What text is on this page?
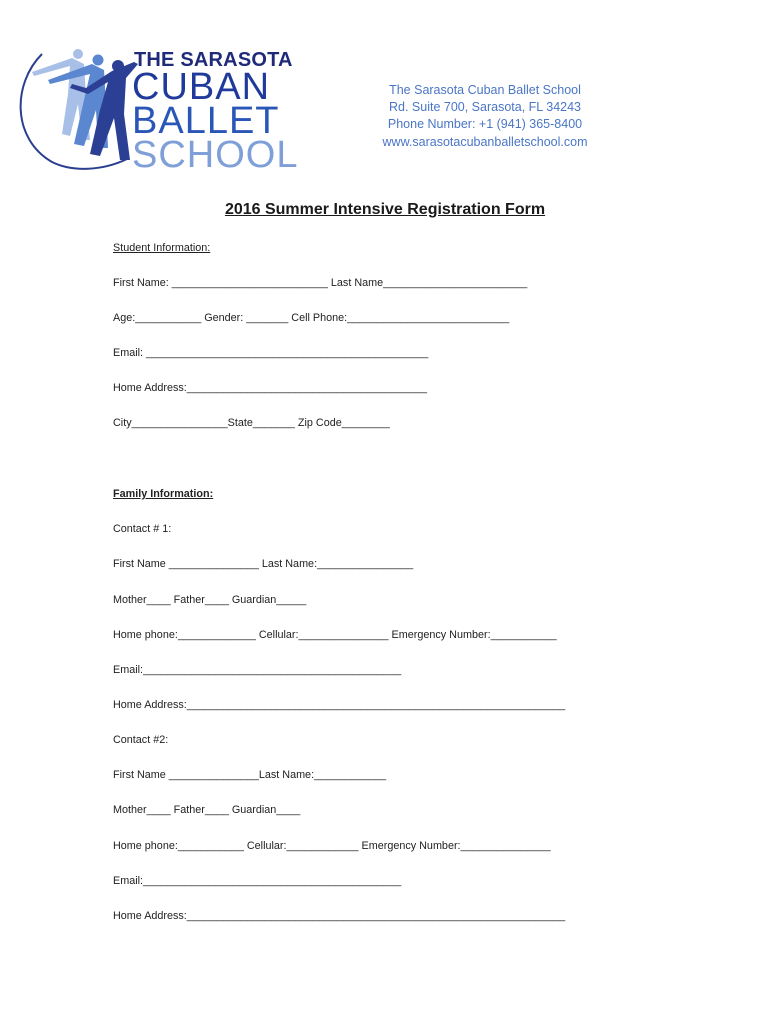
THE SARASOTA
CUBAN
BALLET
SCHOOL
The Sarasota Cuban Ballet School
Rd. Suite 700, Sarasota, FL 34243
Phone Number: +1 (941) 365-8400
www.sarasotacubanballetschool.com
2016 Summer Intensive Registration Form
Student Information:
First Name: __________________________ Last Name________________________
Age:___________ Gender: _______ Cell Phone:___________________________
Email: _______________________________________________
Home Address:________________________________________
City________________State_______ Zip Code________
Family Information:
Contact # 1:
First Name _______________ Last Name:________________
Mother____ Father____ Guardian_____
Home phone:_____________ Cellular:_______________ Emergency Number:___________
Email:___________________________________________
Home Address:_______________________________________________________________
Contact #2:
First Name _______________Last Name:____________
Mother____ Father____ Guardian____
Home phone:___________ Cellular:____________ Emergency Number:_______________
Email:___________________________________________
Home Address:_______________________________________________________________
